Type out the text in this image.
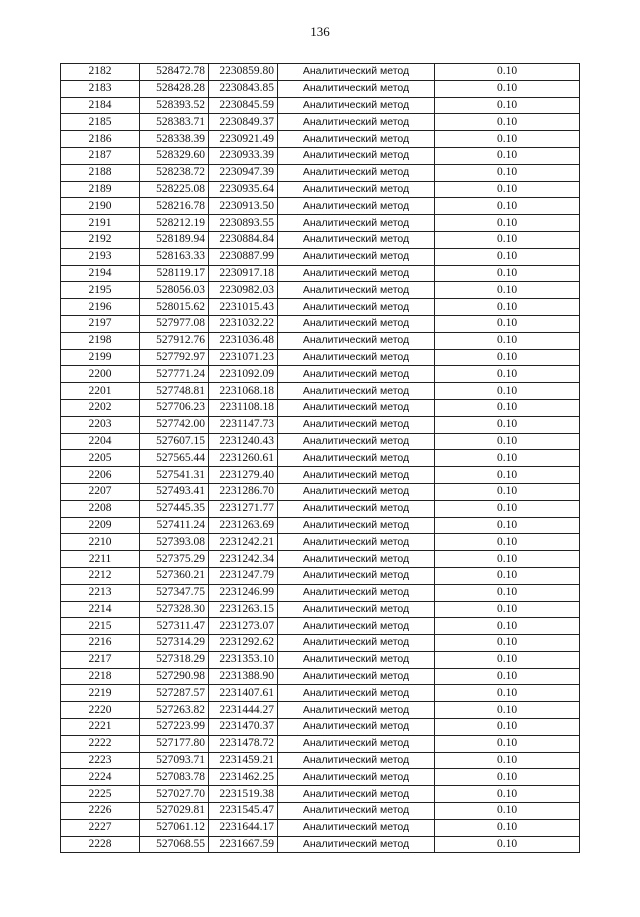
136
2182	528472.78	2230859.80	Аналитический метод	0.10
2183	528428.28	2230843.85	Аналитический метод	0.10
2184	528393.52	2230845.59	Аналитический метод	0.10
2185	528383.71	2230849.37	Аналитический метод	0.10
2186	528338.39	2230921.49	Аналитический метод	0.10
2187	528329.60	2230933.39	Аналитический метод	0.10
2188	528238.72	2230947.39	Аналитический метод	0.10
2189	528225.08	2230935.64	Аналитический метод	0.10
2190	528216.78	2230913.50	Аналитический метод	0.10
2191	528212.19	2230893.55	Аналитический метод	0.10
2192	528189.94	2230884.84	Аналитический метод	0.10
2193	528163.33	2230887.99	Аналитический метод	0.10
2194	528119.17	2230917.18	Аналитический метод	0.10
2195	528056.03	2230982.03	Аналитический метод	0.10
2196	528015.62	2231015.43	Аналитический метод	0.10
2197	527977.08	2231032.22	Аналитический метод	0.10
2198	527912.76	2231036.48	Аналитический метод	0.10
2199	527792.97	2231071.23	Аналитический метод	0.10
2200	527771.24	2231092.09	Аналитический метод	0.10
2201	527748.81	2231068.18	Аналитический метод	0.10
2202	527706.23	2231108.18	Аналитический метод	0.10
2203	527742.00	2231147.73	Аналитический метод	0.10
2204	527607.15	2231240.43	Аналитический метод	0.10
2205	527565.44	2231260.61	Аналитический метод	0.10
2206	527541.31	2231279.40	Аналитический метод	0.10
2207	527493.41	2231286.70	Аналитический метод	0.10
2208	527445.35	2231271.77	Аналитический метод	0.10
2209	527411.24	2231263.69	Аналитический метод	0.10
2210	527393.08	2231242.21	Аналитический метод	0.10
2211	527375.29	2231242.34	Аналитический метод	0.10
2212	527360.21	2231247.79	Аналитический метод	0.10
2213	527347.75	2231246.99	Аналитический метод	0.10
2214	527328.30	2231263.15	Аналитический метод	0.10
2215	527311.47	2231273.07	Аналитический метод	0.10
2216	527314.29	2231292.62	Аналитический метод	0.10
2217	527318.29	2231353.10	Аналитический метод	0.10
2218	527290.98	2231388.90	Аналитический метод	0.10
2219	527287.57	2231407.61	Аналитический метод	0.10
2220	527263.82	2231444.27	Аналитический метод	0.10
2221	527223.99	2231470.37	Аналитический метод	0.10
2222	527177.80	2231478.72	Аналитический метод	0.10
2223	527093.71	2231459.21	Аналитический метод	0.10
2224	527083.78	2231462.25	Аналитический метод	0.10
2225	527027.70	2231519.38	Аналитический метод	0.10
2226	527029.81	2231545.47	Аналитический метод	0.10
2227	527061.12	2231644.17	Аналитический метод	0.10
2228	527068.55	2231667.59	Аналитический метод	0.10
